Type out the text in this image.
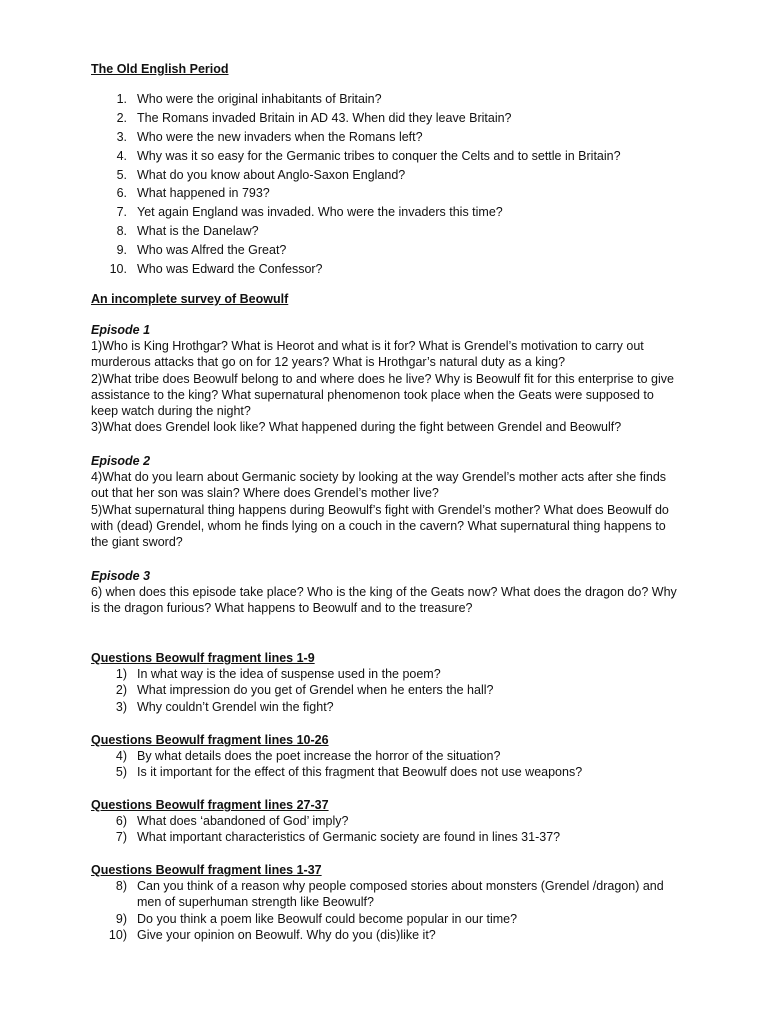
The Old English Period
1. Who were the original inhabitants of Britain?
2. The Romans invaded Britain in AD 43. When did they leave Britain?
3. Who were the new invaders when the Romans left?
4. Why was it so easy for the Germanic tribes to conquer the Celts and to settle in Britain?
5. What do you know about Anglo-Saxon England?
6. What happened in 793?
7. Yet again England was invaded. Who were the invaders this time?
8. What is the Danelaw?
9. Who was Alfred the Great?
10. Who was Edward the Confessor?
An incomplete survey of Beowulf
Episode 1

1)Who is King Hrothgar? What is Heorot and what is it for? What is Grendel’s motivation to carry out murderous attacks that go on for 12 years? What is Hrothgar’s natural duty as a king?

2)What tribe does Beowulf belong to and where does he live? Why is Beowulf fit for this enterprise to give assistance to the king? What supernatural phenomenon took place when the Geats were supposed to keep watch during the night?

3)What does Grendel look like? What happened during the fight between Grendel and Beowulf?

Episode 2

4)What do you learn about Germanic society by looking at the way Grendel’s mother acts after she finds out that her son was slain? Where does Grendel’s mother live?

5)What supernatural thing happens during Beowulf’s fight with Grendel’s mother? What does Beowulf do with (dead) Grendel, whom he finds lying on a couch in the cavern? What supernatural thing happens to the giant sword?

Episode 3

6) when does this episode take place? Who is the king of the Geats now? What does the dragon do? Why is the dragon furious? What happens to Beowulf and to the treasure?

Questions Beowulf fragment lines 1-9
1) In what way is the idea of suspense used in the poem?
2) What impression do you get of Grendel when he enters the hall?
3) Why couldn’t Grendel win the fight?
Questions Beowulf fragment lines 10-26
4) By what details does the poet increase the horror of the situation?
5) Is it important for the effect of this fragment that Beowulf does not use weapons?
Questions Beowulf fragment lines 27-37
6) What does ‘abandoned of God’ imply?
7) What important characteristics of Germanic society are found in lines 31-37?
Questions Beowulf fragment lines 1-37
8) Can you think of a reason why people composed stories about monsters (Grendel /dragon) and men of superhuman strength like Beowulf?
9) Do you think a poem like Beowulf could become popular in our time?
10) Give your opinion on Beowulf. Why do you (dis)like it?
